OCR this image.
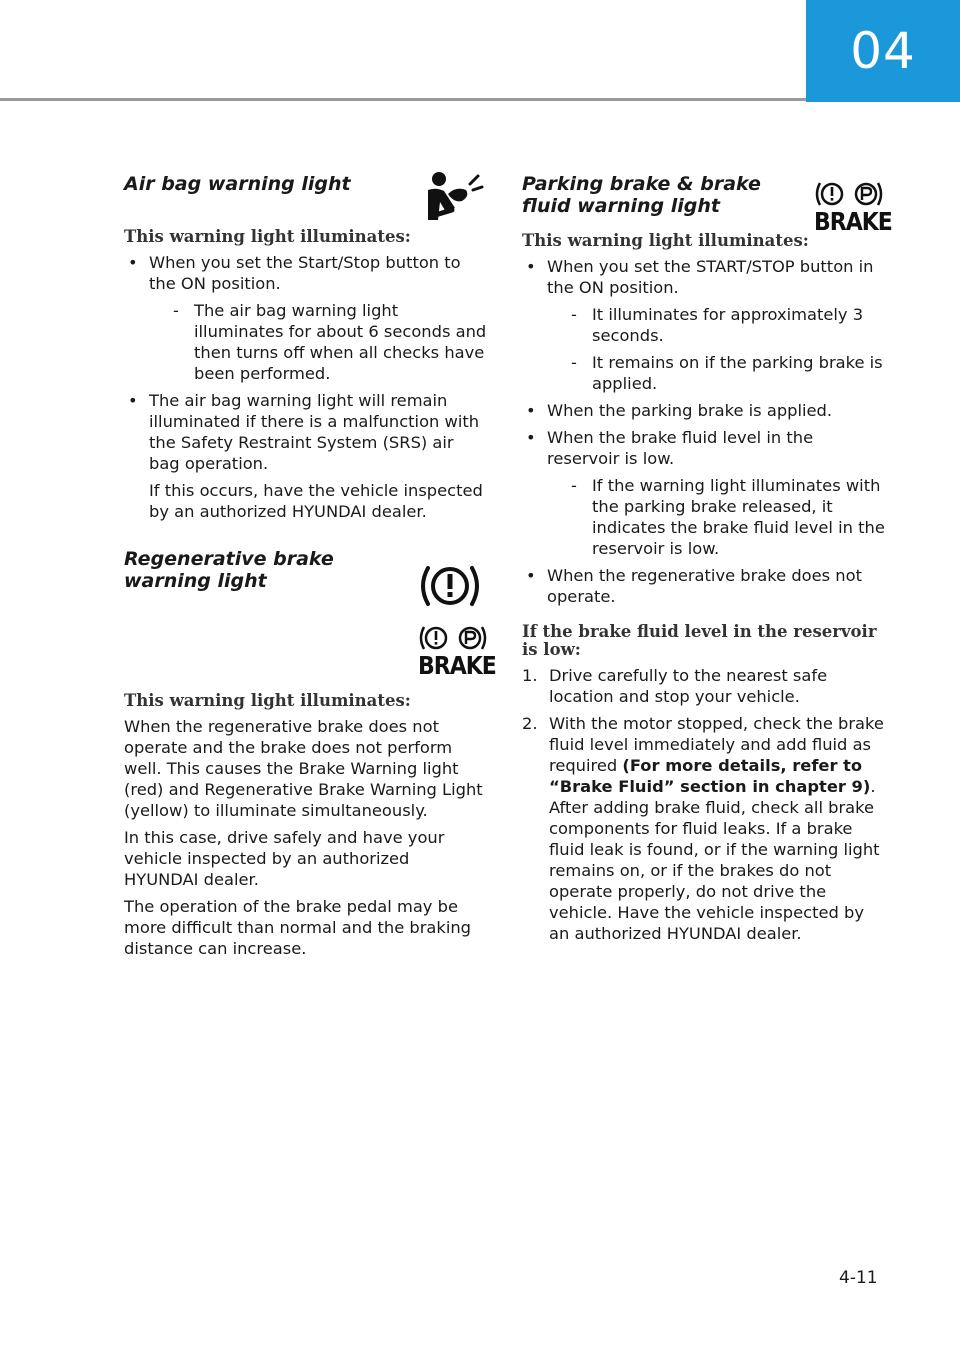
04
Air bag warning light

This warning light illuminates:

• When you set the Start/Stop button to the ON position.
- The air bag warning light illuminates for about 6 seconds and then turns off when all checks have been performed.
• The air bag warning light will remain illuminated if there is a malfunction with the Safety Restraint System (SRS) air bag operation.

If this occurs, have the vehicle inspected by an authorized HYUNDAI dealer.

Regenerative brake warning light
BRAKE

This warning light illuminates:

When the regenerative brake does not operate and the brake does not perform well. This causes the Brake Warning light (red) and Regenerative Brake Warning Light (yellow) to illuminate simultaneously.

In this case, drive safely and have your vehicle inspected by an authorized HYUNDAI dealer.

The operation of the brake pedal may be more difficult than normal and the braking distance can increase.

Parking brake & brake fluid warning light
BRAKE

This warning light illuminates:

• When you set the START/STOP button in the ON position.
- It illuminates for approximately 3 seconds.
- It remains on if the parking brake is applied.
• When the parking brake is applied.
• When the brake fluid level in the reservoir is low.
- If the warning light illuminates with the parking brake released, it indicates the brake fluid level in the reservoir is low.
• When the regenerative brake does not operate.

If the brake fluid level in the reservoir is low:

1. Drive carefully to the nearest safe location and stop your vehicle.
2. With the motor stopped, check the brake fluid level immediately and add fluid as required (For more details, refer to “Brake Fluid” section in chapter 9). After adding brake fluid, check all brake components for fluid leaks. If a brake fluid leak is found, or if the warning light remains on, or if the brakes do not operate properly, do not drive the vehicle. Have the vehicle inspected by an authorized HYUNDAI dealer.
4-11
